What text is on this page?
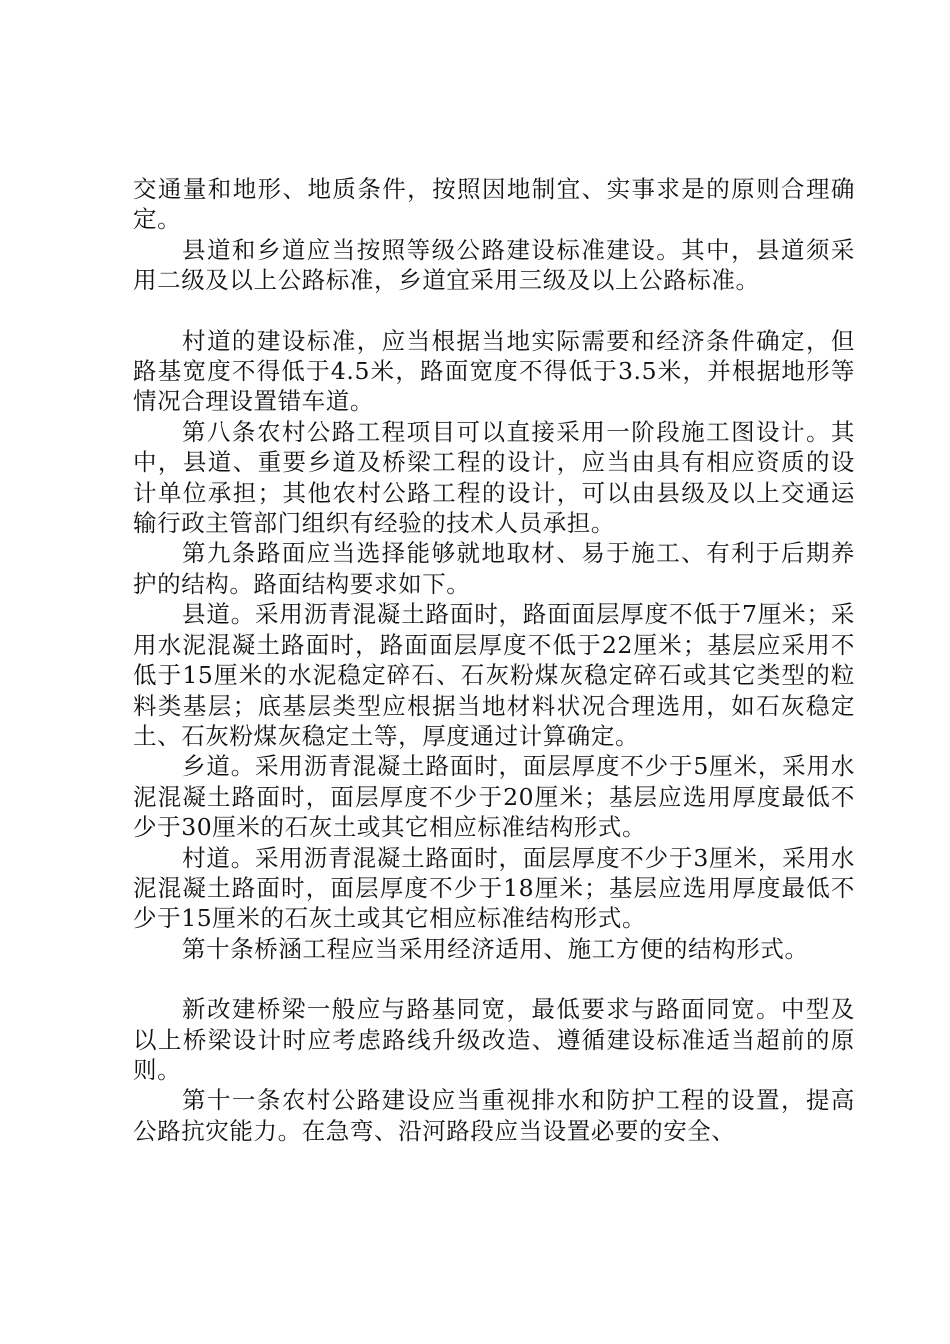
交通量和地形、地质条件，按照因地制宜、实事求是的原则合理确定。

县道和乡道应当按照等级公路建设标准建设。其中，县道须采用二级及以上公路标准，乡道宜采用三级及以上公路标准。

村道的建设标准，应当根据当地实际需要和经济条件确定，但路基宽度不得低于4.5米，路面宽度不得低于3.5米，并根据地形等情况合理设置错车道。

第八条农村公路工程项目可以直接采用一阶段施工图设计。其中，县道、重要乡道及桥梁工程的设计，应当由具有相应资质的设计单位承担；其他农村公路工程的设计，可以由县级及以上交通运输行政主管部门组织有经验的技术人员承担。

第九条路面应当选择能够就地取材、易于施工、有利于后期养护的结构。路面结构要求如下。

县道。采用沥青混凝土路面时，路面面层厚度不低于7厘米；采用水泥混凝土路面时，路面面层厚度不低于22厘米；基层应采用不低于15厘米的水泥稳定碎石、石灰粉煤灰稳定碎石或其它类型的粒料类基层；底基层类型应根据当地材料状况合理选用，如石灰稳定土、石灰粉煤灰稳定土等，厚度通过计算确定。

乡道。采用沥青混凝土路面时，面层厚度不少于5厘米，采用水泥混凝土路面时，面层厚度不少于20厘米；基层应选用厚度最低不少于30厘米的石灰土或其它相应标准结构形式。

村道。采用沥青混凝土路面时，面层厚度不少于3厘米，采用水泥混凝土路面时，面层厚度不少于18厘米；基层应选用厚度最低不少于15厘米的石灰土或其它相应标准结构形式。

第十条桥涵工程应当采用经济适用、施工方便的结构形式。

新改建桥梁一般应与路基同宽，最低要求与路面同宽。中型及以上桥梁设计时应考虑路线升级改造、遵循建设标准适当超前的原则。

第十一条农村公路建设应当重视排水和防护工程的设置，提高公路抗灾能力。在急弯、沿河路段应当设置必要的安全、
